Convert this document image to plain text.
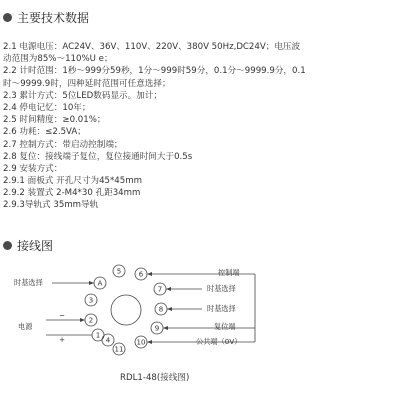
主要技术数据
2.1 电源电压：AC24V、36V、110V、220V、380V 50Hz,DC24V；电压波
动范围为85%～110%U e；
2.2 计时范围：1秒～999分59秒，1分～999时59分，0.1分～9999.9分，0.1
时～9999.9时，四种延时范围可任意选择；
2.3 累计方式：5位LED数码显示。加计；
2.4 停电记忆：10年；
2.5 时间精度：≥0.01%；
2.6 功耗：≤2.5VA；
2.7 控制方式：带启动控制端；
2.8 复位：接线端子复位，复位接通时间大于0.5s
2.9 安装方式：
2.9.1 面板式 开孔尺寸为45*45mm
2.9.2 装置式 2-M4*30 孔距34mm
2.9.3导轨式 35mm导轨
接线图
5	6
A
7
3
8
2
9
1
10
11
4
~
+
时基选择
电源
控制端
时基选择
时基选择
复位端
公共端（0V）
RDL1-48(接线图)
